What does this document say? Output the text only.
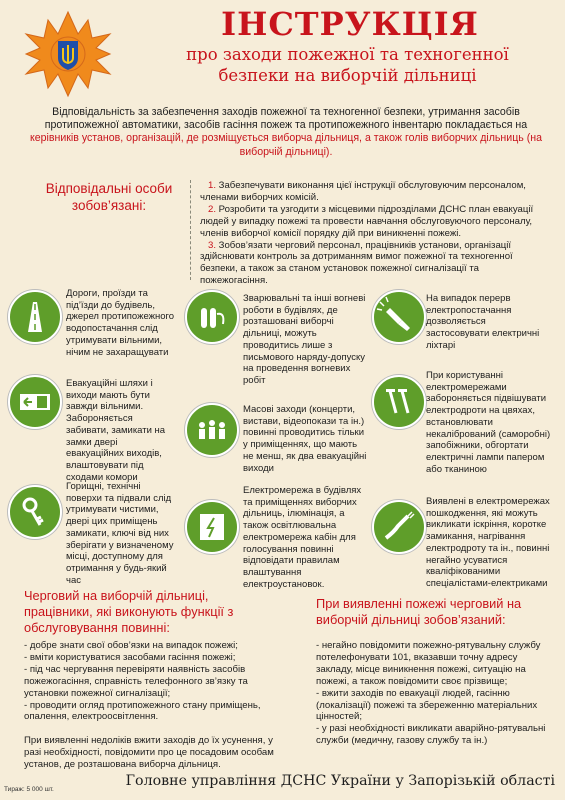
ІНСТРУКЦІЯ
про заходи пожежної та техногенної
безпеки на виборчій дільниці
Відповідальність за забезпечення заходів пожежної та техногенної безпеки, утримання засобів протипожежної автоматики, засобів гасіння пожеж та протипожежного інвентарю покладається на керівників установ, організацій, де розміщується виборча дільниця, а також голів виборчих дільниць (на виборчій дільниці).
Відповідальні особи
зобов’язані:

1. Забезпечувати виконання цієї інструкції обслуговуючим персоналом, членами виборчих комісій.

2. Розробити та узгодити з місцевими підрозділами ДСНС план евакуації людей у випадку пожежі та провести навчання обслуговуючого персоналу, членів виборчої комісії порядку дій при виникненні пожежі.

3. Зобов’язати черговий персонал, працівників установи, організації здійснювати контроль за дотриманням вимог пожежної та техногенної безпеки, а також за станом установок пожежної сигналізації та пожежогасіння.

Дороги, проїзди та під’їзди до будівель, джерел протипожежного водопостачання слід утримувати вільними, нічим не захаращувати
Зварювальні та інші вогневі роботи в будівлях, де розташовані виборчі дільниці, можуть проводитись лише з письмового наряду-допуску на проведення вогневих робіт
На випадок перерв електропостачання дозволяється застосовувати електричні ліхтарі
Евакуаційні шляхи і виходи мають бути завжди вільними. Забороняється забивати, замикати на замки двері евакуаційних виходів, влаштовувати під сходами комори
Масові заходи (концерти, вистави, відеопокази та ін.) повинні проводитись тільки у приміщеннях, що мають не менш, як два евакуаційні виходи
При користуванні електромережами забороняється підвішувати електродроти на цвяхах, встановлювати некалібрований (саморобні) запобіжники, обгортати електричні лампи папером або тканиною
Горищні, технічні поверхи та підвали слід утримувати чистими, двері цих приміщень замикати, ключі від них зберігати у визначеному місці, доступному для отримання у будь-який час
Електромережа в будівлях та приміщеннях виборчих дільниць, ілюмінація, а також освітлювальна електромережа кабін для голосування повинні відповідати правилам влаштування електроустановок.
Виявлені в електромережах пошкодження, які можуть викликати іскріння, коротке замикання, нагрівання електродроту та ін., повинні негайно усуватися кваліфікованими спеціалістами-електриками
Черговий на виборчій дільниці, працівники, які виконують функції з обслуговування повинні:

- добре знати свої обов’язки на випадок пожежі;

- вміти користуватися засобами гасіння пожежі;

- під час чергування перевіряти наявність засобів пожежогасіння, справність телефонного зв’язку та установки пожежної сигналізації;

- проводити огляд протипожежного стану приміщень, опалення, електроосвітлення.

При виявленні недоліків вжити заходів до їх усунення, у разі необхідності, повідомити про це посадовим особам установ, де розташована виборча дільниця.

При виявленні пожежі черговий на виборчій дільниці зобов’язаний:

- негайно повідомити пожежно-рятувальну службу потелефонувати 101, вказавши точну адресу закладу, місце виникнення пожежі, ситуацію на пожежі, а також повідомити своє прізвище;

- вжити заходів по евакуації людей, гасінню (локалізації) пожежі та збереженню матеріальних цінностей;

- у разі необхідності викликати аварійно-рятувальні служби (медичну, газову службу та ін.)

Головне управління ДСНС України у Запорізькій області
Тираж: 5 000 шт.
